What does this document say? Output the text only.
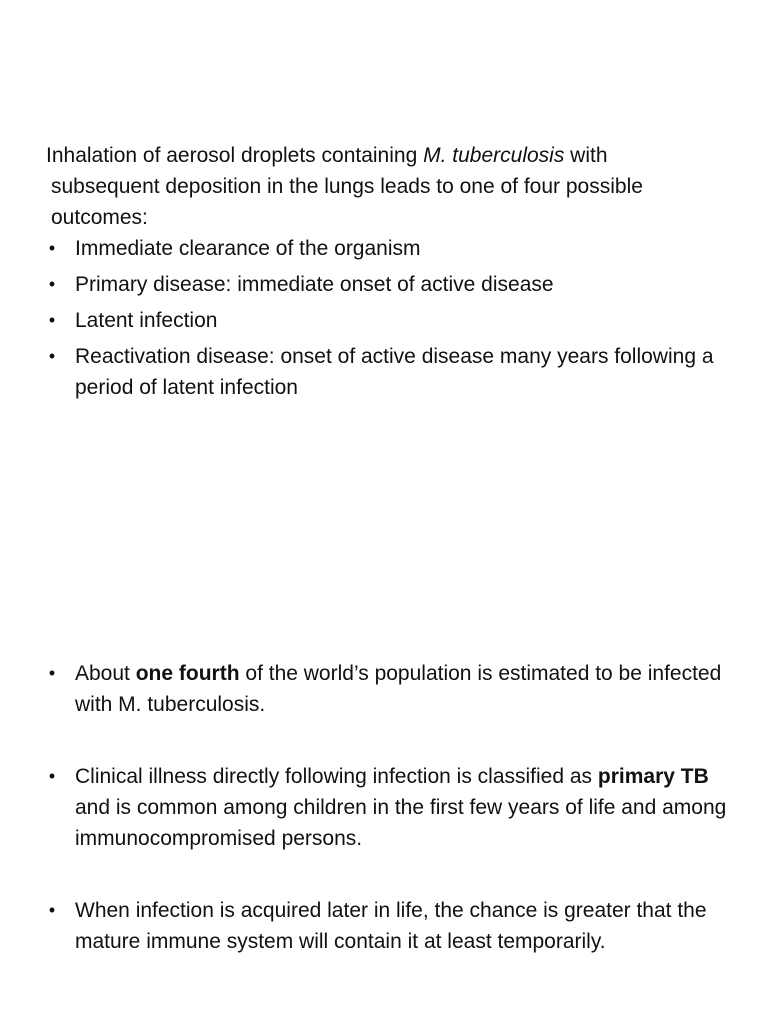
Inhalation of aerosol droplets containing M. tuberculosis with

subsequent deposition in the lungs leads to one of four possible

outcomes:

• Immediate clearance of the organism
• Primary disease: immediate onset of active disease
• Latent infection
• Reactivation disease: onset of active disease many years following a period of latent infection
• About one fourth of the world’s population is estimated to be infected with M. tuberculosis.
• Clinical illness directly following infection is classified as primary TB and is common among children in the first few years of life and among immunocompromised persons.
• When infection is acquired later in life, the chance is greater that the mature immune system will contain it at least temporarily.
